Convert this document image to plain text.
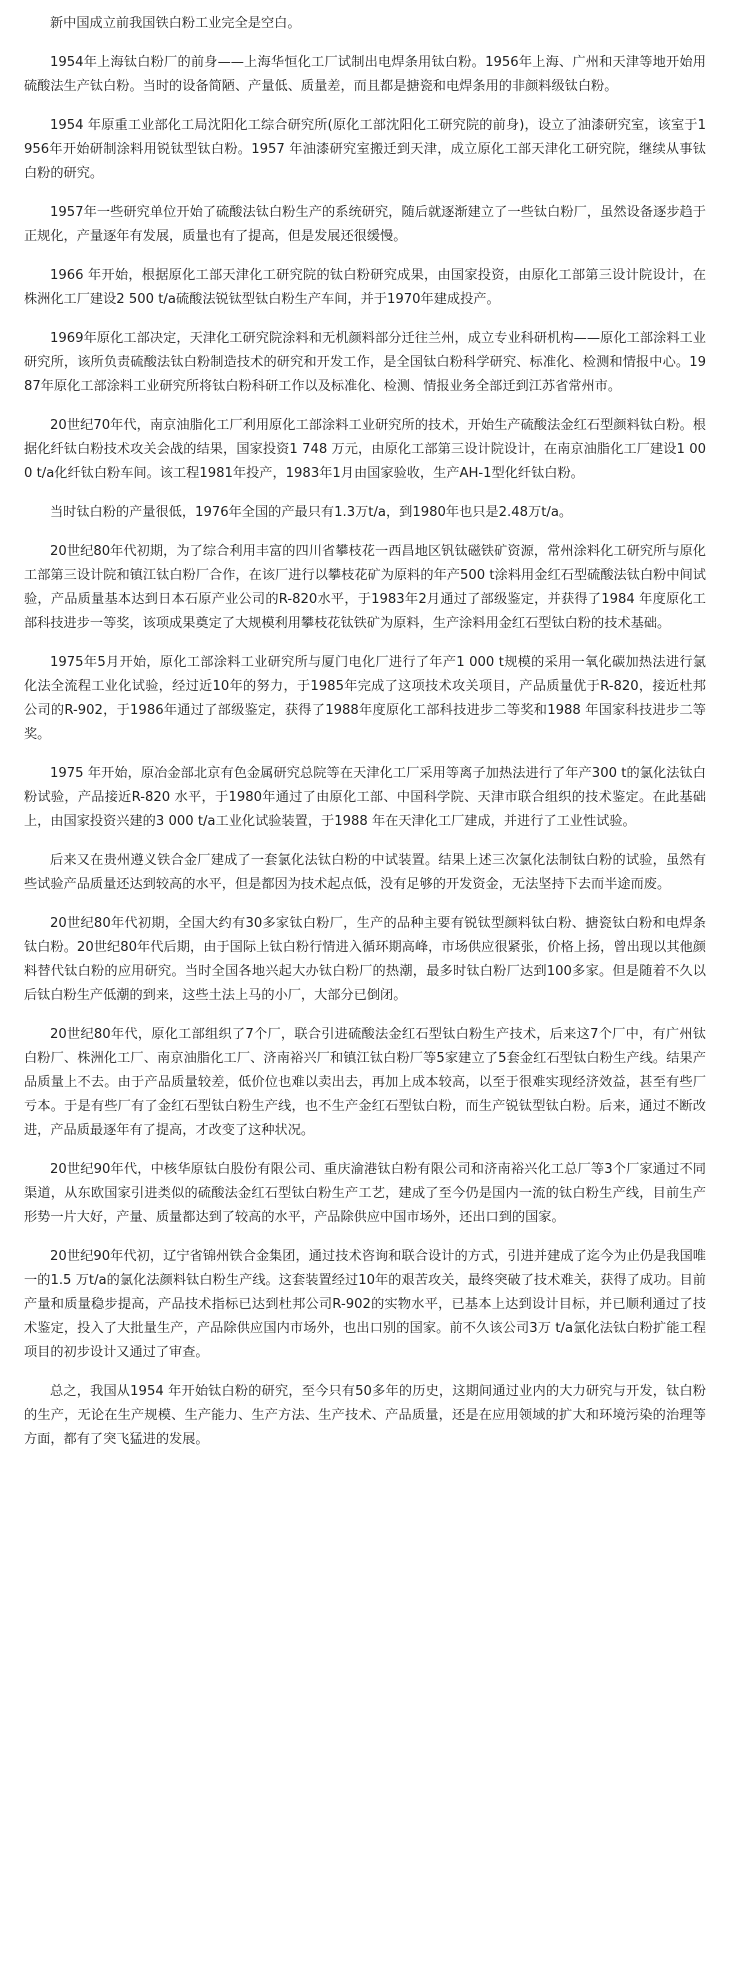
新中国成立前我国铁白粉工业完全是空白。

1954年上海钛白粉厂的前身——上海华恒化工厂试制出电焊条用钛白粉。1956年上海、广州和天津等地开始用硫酸法生产钛白粉。当时的设备简陋、产量低、质量差，而且都是搪瓷和电焊条用的非颜料级钛白粉。

1954 年原重工业部化工局沈阳化工综合研究所(原化工部沈阳化工研究院的前身)，设立了油漆研究室，该室于1956年开始研制涂料用锐钛型钛白粉。1957 年油漆研究室搬迁到天津，成立原化工部天津化工研究院，继续从事钛白粉的研究。

1957年一些研究单位开始了硫酸法钛白粉生产的系统研究，随后就逐渐建立了一些钛白粉厂，虽然设备逐步趋于正规化，产量逐年有发展，质量也有了提高，但是发展还很缓慢。

1966 年开始，根据原化工部天津化工研究院的钛白粉研究成果，由国家投资，由原化工部第三设计院设计，在株洲化工厂建设2 500 t/a硫酸法锐钛型钛白粉生产车间，并于1970年建成投产。

1969年原化工部决定，天津化工研究院涂料和无机颜料部分迁往兰州，成立专业科研机构——原化工部涂料工业研究所，该所负责硫酸法钛白粉制造技术的研究和开发工作，是全国钛白粉科学研究、标准化、检测和情报中心。1987年原化工部涂料工业研究所将钛白粉科研工作以及标准化、检测、情报业务全部迁到江苏省常州市。

20世纪70年代，南京油脂化工厂利用原化工部涂料工业研究所的技术，开始生产硫酸法金红石型颜料钛白粉。根据化纤钛白粉技术攻关会战的结果，国家投资1 748 万元，由原化工部第三设计院设计，在南京油脂化工厂建设1 000 t/a化纤钛白粉车间。该工程1981年投产，1983年1月由国家验收，生产AH-1型化纤钛白粉。

当时钛白粉的产量很低，1976年全国的产最只有1.3万t/a，到1980年也只是2.48万t/a。

20世纪80年代初期，为了综合利用丰富的四川省攀枝花一西昌地区钒钛磁铁矿资源，常州涂料化工研究所与原化工部第三设计院和镇江钛白粉厂合作，在该厂进行以攀枝花矿为原料的年产500 t涂料用金红石型硫酸法钛白粉中间试验，产品质量基本达到日本石原产业公司的R-820水平，于1983年2月通过了部级鉴定，并获得了1984 年度原化工部科技进步一等奖，该项成果奠定了大规模利用攀枝花钛铁矿为原料，生产涂料用金红石型钛白粉的技术基础。

1975年5月开始，原化工部涂料工业研究所与厦门电化厂进行了年产1 000 t规模的采用一氧化碳加热法进行氯化法全流程工业化试验，经过近10年的努力，于1985年完成了这项技术攻关项目，产品质量优于R-820，接近杜邦公司的R-902，于1986年通过了部级鉴定，获得了1988年度原化工部科技进步二等奖和1988 年国家科技进步二等奖。

1975 年开始，原冶金部北京有色金属研究总院等在天津化工厂采用等离子加热法进行了年产300 t的氯化法钛白粉试验，产品接近R-820 水平，于1980年通过了由原化工部、中国科学院、天津市联合组织的技术鉴定。在此基础上，由国家投资兴建的3 000 t/a工业化试验装置，于1988 年在天津化工厂建成，并进行了工业性试验。

后来又在贵州遵义铁合金厂建成了一套氯化法钛白粉的中试装置。结果上述三次氯化法制钛白粉的试验，虽然有些试验产品质量还达到较高的水平，但是都因为技术起点低，没有足够的开发资金，无法坚持下去而半途而废。

20世纪80年代初期，全国大约有30多家钛白粉厂，生产的品种主要有锐钛型颜料钛白粉、搪瓷钛白粉和电焊条钛白粉。20世纪80年代后期，由于国际上钛白粉行情进入循环期高峰，市场供应很紧张，价格上扬，曾出现以其他颜料替代钛白粉的应用研究。当时全国各地兴起大办钛白粉厂的热潮，最多时钛白粉厂达到100多家。但是随着不久以后钛白粉生产低潮的到来，这些土法上马的小厂，大部分已倒闭。

20世纪80年代，原化工部组织了7个厂，联合引进硫酸法金红石型钛白粉生产技术，后来这7个厂中，有广州钛白粉厂、株洲化工厂、南京油脂化工厂、济南裕兴厂和镇江钛白粉厂等5家建立了5套金红石型钛白粉生产线。结果产品质量上不去。由于产品质量较差，低价位也难以卖出去，再加上成本较高，以至于很难实现经济效益，甚至有些厂亏本。于是有些厂有了金红石型钛白粉生产线，也不生产金红石型钛白粉，而生产锐钛型钛白粉。后来，通过不断改进，产品质最逐年有了提高，才改变了这种状况。

20世纪90年代，中核华原钛白股份有限公司、重庆渝港钛白粉有限公司和济南裕兴化工总厂等3个厂家通过不同渠道，从东欧国家引进类似的硫酸法金红石型钛白粉生产工艺，建成了至今仍是国内一流的钛白粉生产线，目前生产形势一片大好，产量、质量都达到了较高的水平，产品除供应中国市场外，还出口到的国家。

20世纪90年代初，辽宁省锦州铁合金集团，通过技术咨询和联合设计的方式，引进并建成了迄今为止仍是我国唯一的1.5 万t/a的氯化法颜料钛白粉生产线。这套装置经过10年的艰苦攻关，最终突破了技术难关，获得了成功。目前产量和质量稳步提高，产品技术指标已达到杜邦公司R-902的实物水平，已基本上达到设计目标，并已顺利通过了技术鉴定，投入了大批量生产，产品除供应国内市场外，也出口别的国家。前不久该公司3万 t/a氯化法钛白粉扩能工程项目的初步设计又通过了审查。

总之，我国从1954 年开始钛白粉的研究，至今只有50多年的历史，这期间通过业内的大力研究与开发，钛白粉的生产，无论在生产规模、生产能力、生产方法、生产技术、产品质量，还是在应用领域的扩大和环境污染的治理等方面，都有了突飞猛进的发展。
